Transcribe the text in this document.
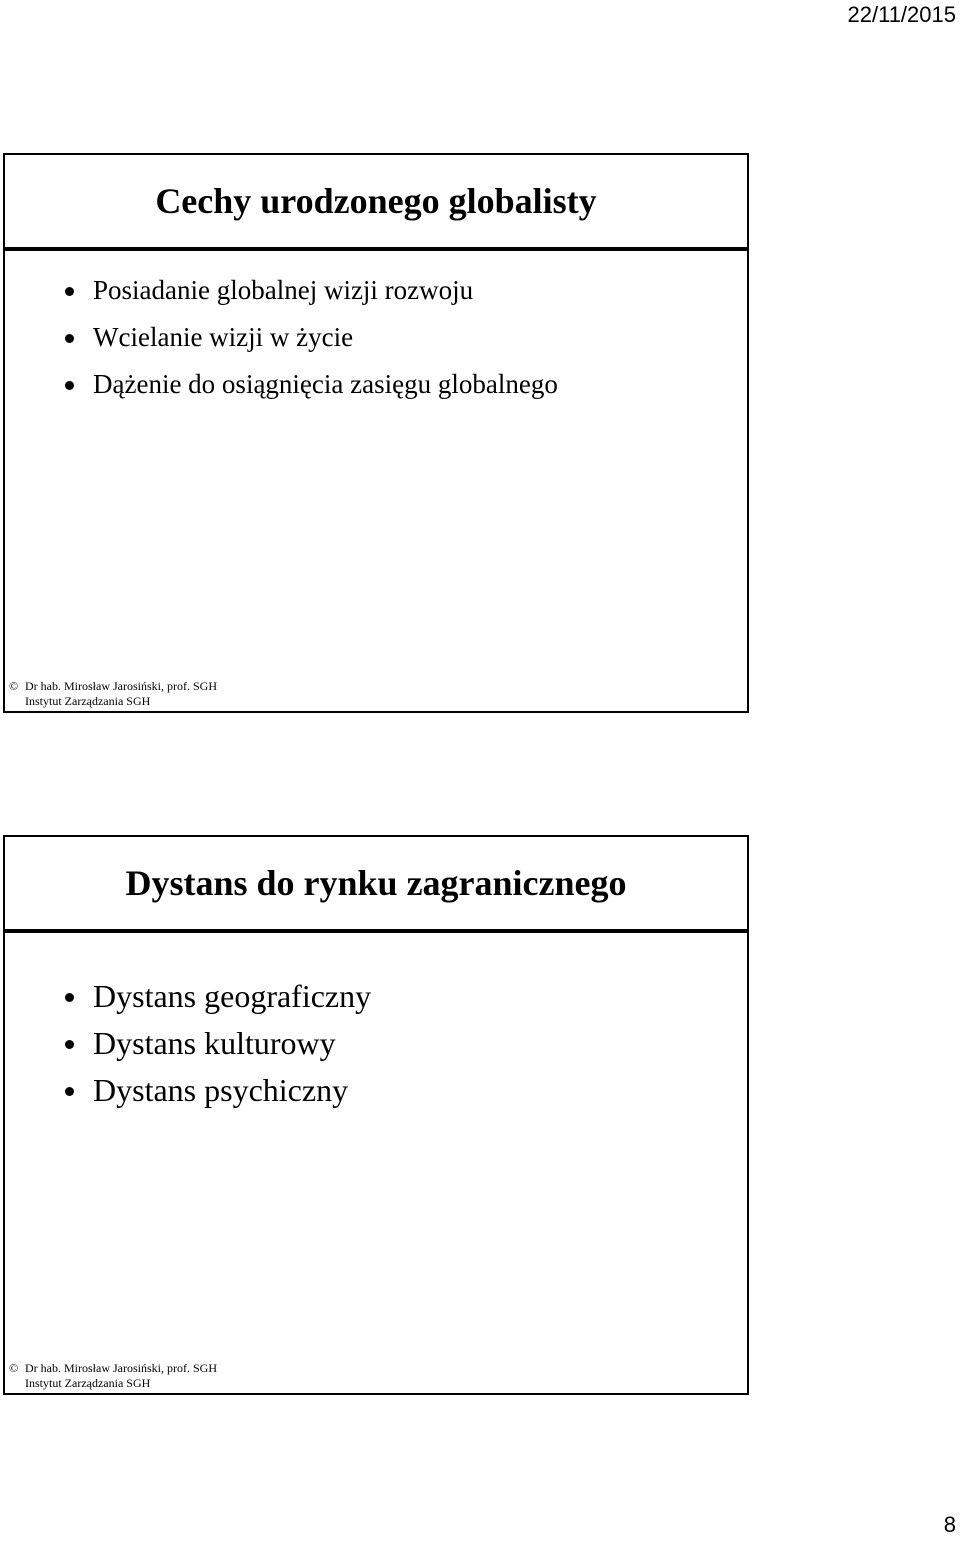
22/11/2015
Cechy urodzonego globalisty
Posiadanie globalnej wizji rozwoju
Wcielanie wizji w życie
Dążenie do osiągnięcia zasięgu globalnego
© Dr hab. Mirosław Jarosiński, prof. SGH
Instytut Zarządzania SGH
Dystans do rynku zagranicznego
Dystans geograficzny
Dystans kulturowy
Dystans psychiczny
© Dr hab. Mirosław Jarosiński, prof. SGH
Instytut Zarządzania SGH
8
